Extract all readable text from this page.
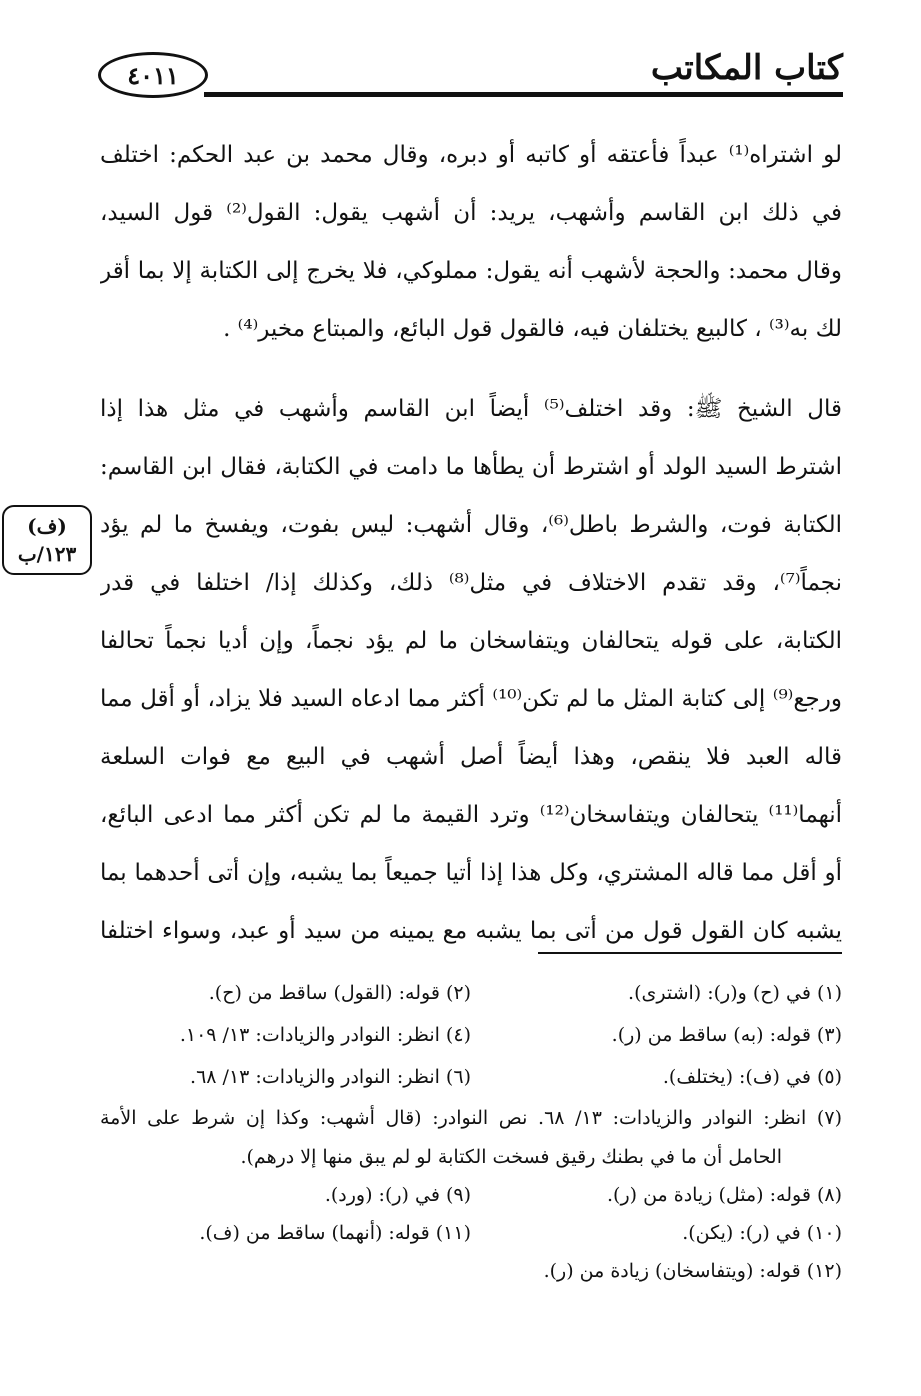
٤٠١١	كتاب المكاتب
(ف)
١٢٣/ب
لو اشتراه⁽¹⁾ عبداً فأعتقه أو كاتبه أو دبره، وقال محمد بن عبد الحكم: اختلف
في ذلك ابن القاسم وأشهب، يريد: أن أشهب يقول: القول⁽²⁾ قول السيد،
وقال محمد: والحجة لأشهب أنه يقول: مملوكي، فلا يخرج إلى الكتابة إلا بما أقر
لك به⁽³⁾ ، كالبيع يختلفان فيه، فالقول قول البائع، والمبتاع مخير⁽⁴⁾ .
قال الشيخ ﷺ: وقد اختلف⁽⁵⁾ أيضاً ابن القاسم وأشهب في مثل هذا إذا
اشترط السيد الولد أو اشترط أن يطأها ما دامت في الكتابة، فقال ابن القاسم:
الكتابة فوت، والشرط باطل⁽⁶⁾، وقال أشهب: ليس بفوت، ويفسخ ما لم يؤد
نجماً⁽⁷⁾، وقد تقدم الاختلاف في مثل⁽⁸⁾ ذلك، وكذلك إذا/ اختلفا في قدر
الكتابة، على قوله يتحالفان ويتفاسخان ما لم يؤد نجماً، وإن أديا نجماً تحالفا
ورجع⁽⁹⁾ إلى كتابة المثل ما لم تكن⁽¹⁰⁾ أكثر مما ادعاه السيد فلا يزاد، أو أقل مما
قاله العبد فلا ينقص، وهذا أيضاً أصل أشهب في البيع مع فوات السلعة
أنهما⁽¹¹⁾ يتحالفان ويتفاسخان⁽¹²⁾ وترد القيمة ما لم تكن أكثر مما ادعى البائع،
أو أقل مما قاله المشتري، وكل هذا إذا أتيا جميعاً بما يشبه، وإن أتى أحدهما بما
يشبه كان القول قول من أتى بما يشبه مع يمينه من سيد أو عبد، وسواء اختلفا
(١) في (ح) و(ر): (اشترى).
(٢) قوله: (القول) ساقط من (ح).
(٣) قوله: (به) ساقط من (ر).
(٤) انظر: النوادر والزيادات: ١٣/ ١٠٩.
(٥) في (ف): (يختلف).
(٦) انظر: النوادر والزيادات: ١٣/ ٦٨.
(٧) انظر: النوادر والزيادات: ١٣/ ٦٨. نص النوادر: (قال أشهب: وكذا إن شرط على الأمة
الحامل أن ما في بطنك رقيق فسخت الكتابة لو لم يبق منها إلا درهم).
(٨) قوله: (مثل) زيادة من (ر).
(٩) في (ر): (ورد).
(١٠) في (ر): (يكن).
(١١) قوله: (أنهما) ساقط من (ف).
(١٢) قوله: (ويتفاسخان) زيادة من (ر).
